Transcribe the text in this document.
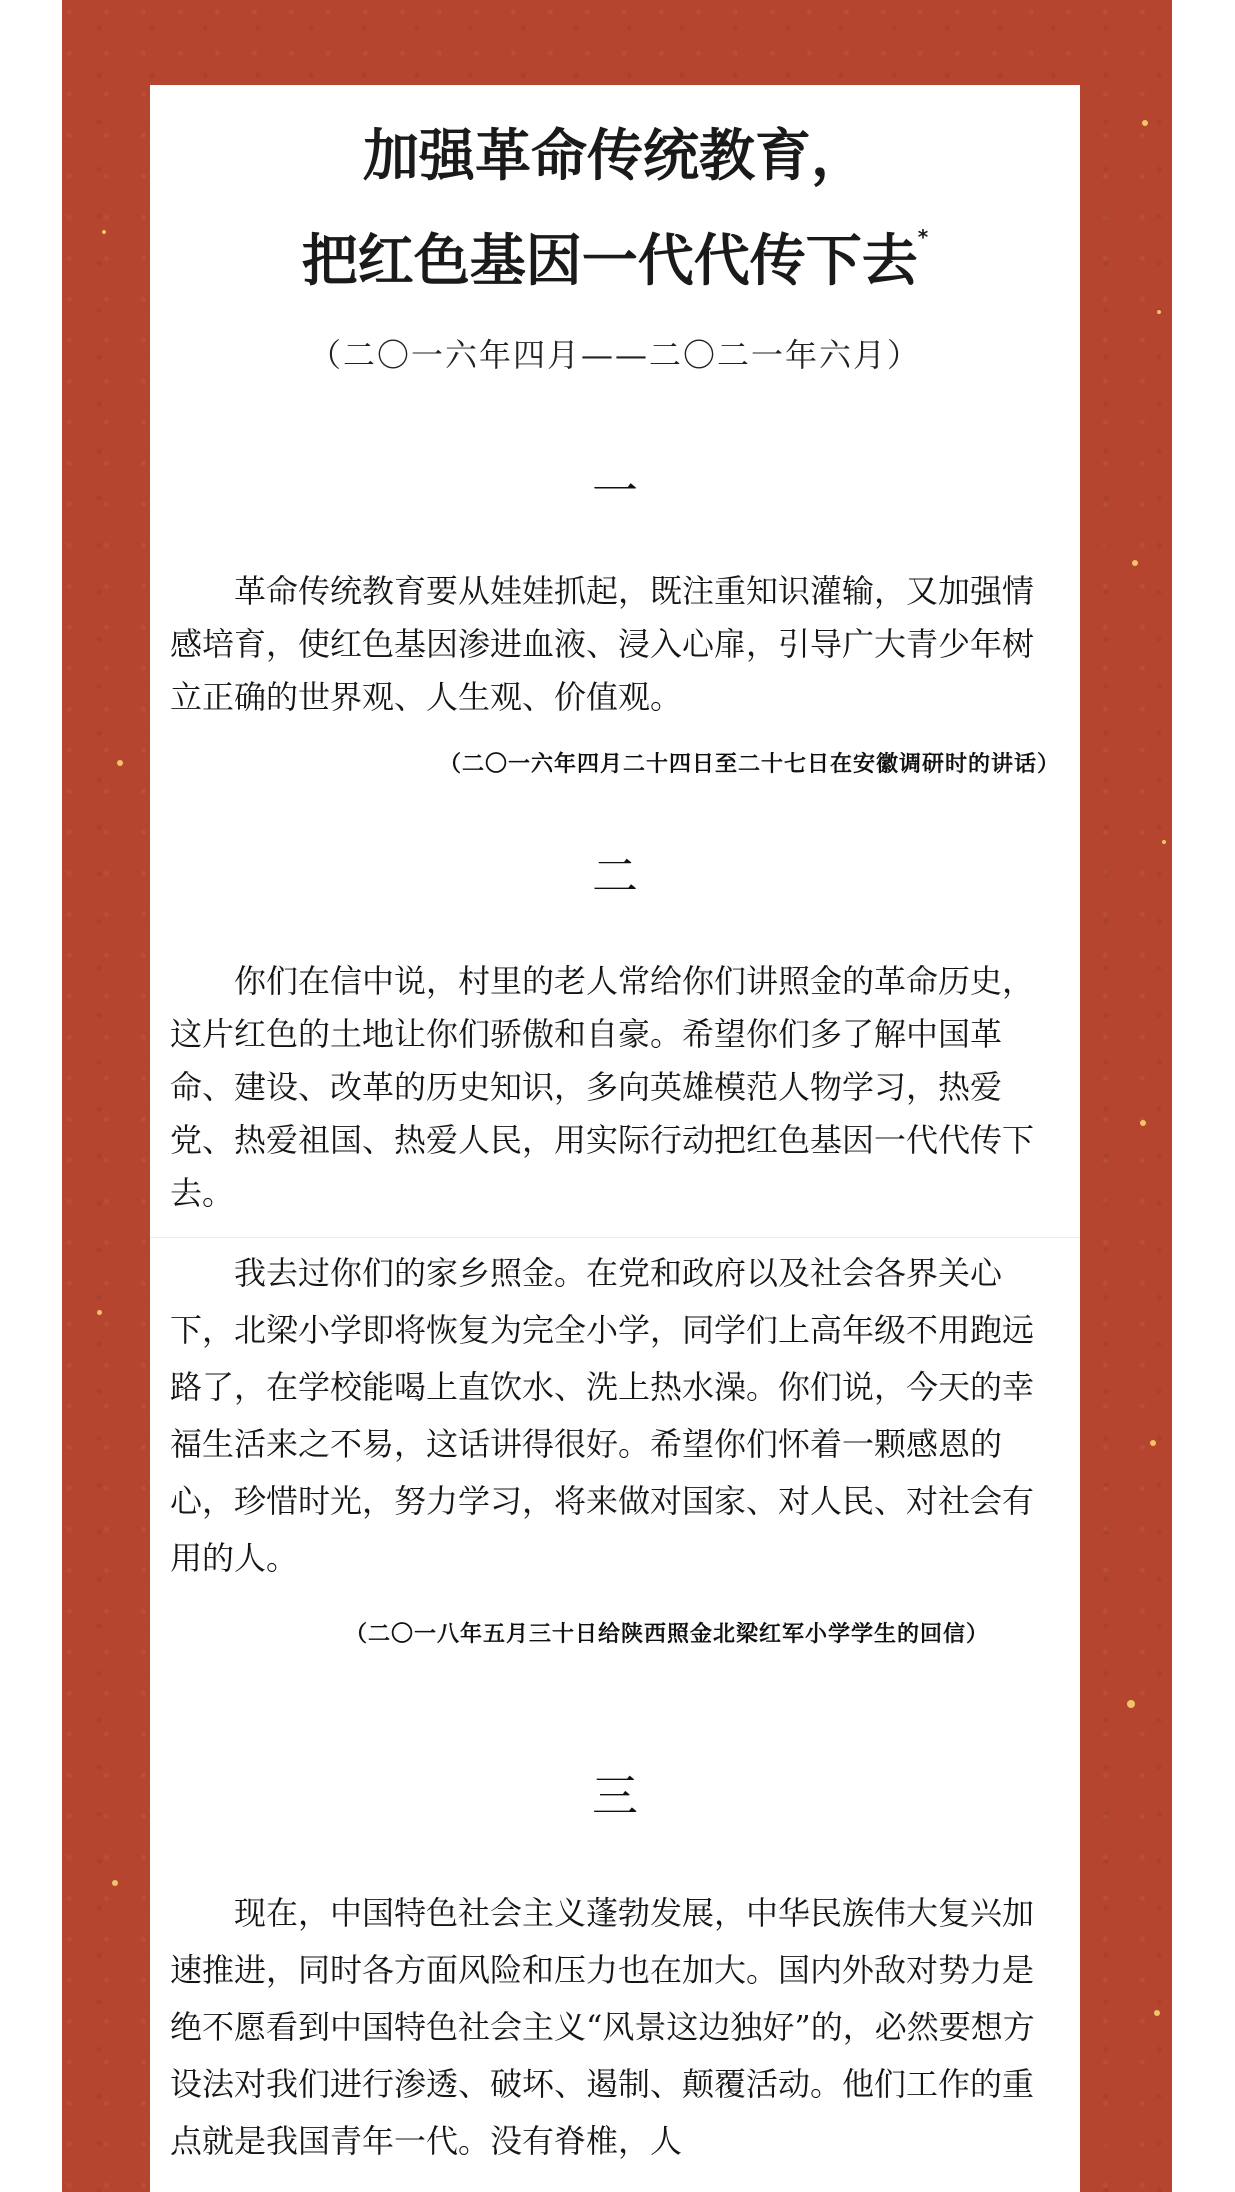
加强革命传统教育，
把红色基因一代代传下去*

（二〇一六年四月——二〇二一年六月）

一

革命传统教育要从娃娃抓起，既注重知识灌输，又加强情感培育，使红色基因渗进血液、浸入心扉，引导广大青少年树立正确的世界观、人生观、价值观。

（二〇一六年四月二十四日至二十七日在安徽调研时的讲话）

二

你们在信中说，村里的老人常给你们讲照金的革命历史，这片红色的土地让你们骄傲和自豪。希望你们多了解中国革命、建设、改革的历史知识，多向英雄模范人物学习，热爱党、热爱祖国、热爱人民，用实际行动把红色基因一代代传下去。

我去过你们的家乡照金。在党和政府以及社会各界关心下，北梁小学即将恢复为完全小学，同学们上高年级不用跑远路了，在学校能喝上直饮水、洗上热水澡。你们说，今天的幸福生活来之不易，这话讲得很好。希望你们怀着一颗感恩的心，珍惜时光，努力学习，将来做对国家、对人民、对社会有用的人。

（二〇一八年五月三十日给陕西照金北梁红军小学学生的回信）

三

现在，中国特色社会主义蓬勃发展，中华民族伟大复兴加速推进，同时各方面风险和压力也在加大。国内外敌对势力是绝不愿看到中国特色社会主义“风景这边独好”的，必然要想方设法对我们进行渗透、破坏、遏制、颠覆活动。他们工作的重点就是我国青年一代。没有脊椎，人
